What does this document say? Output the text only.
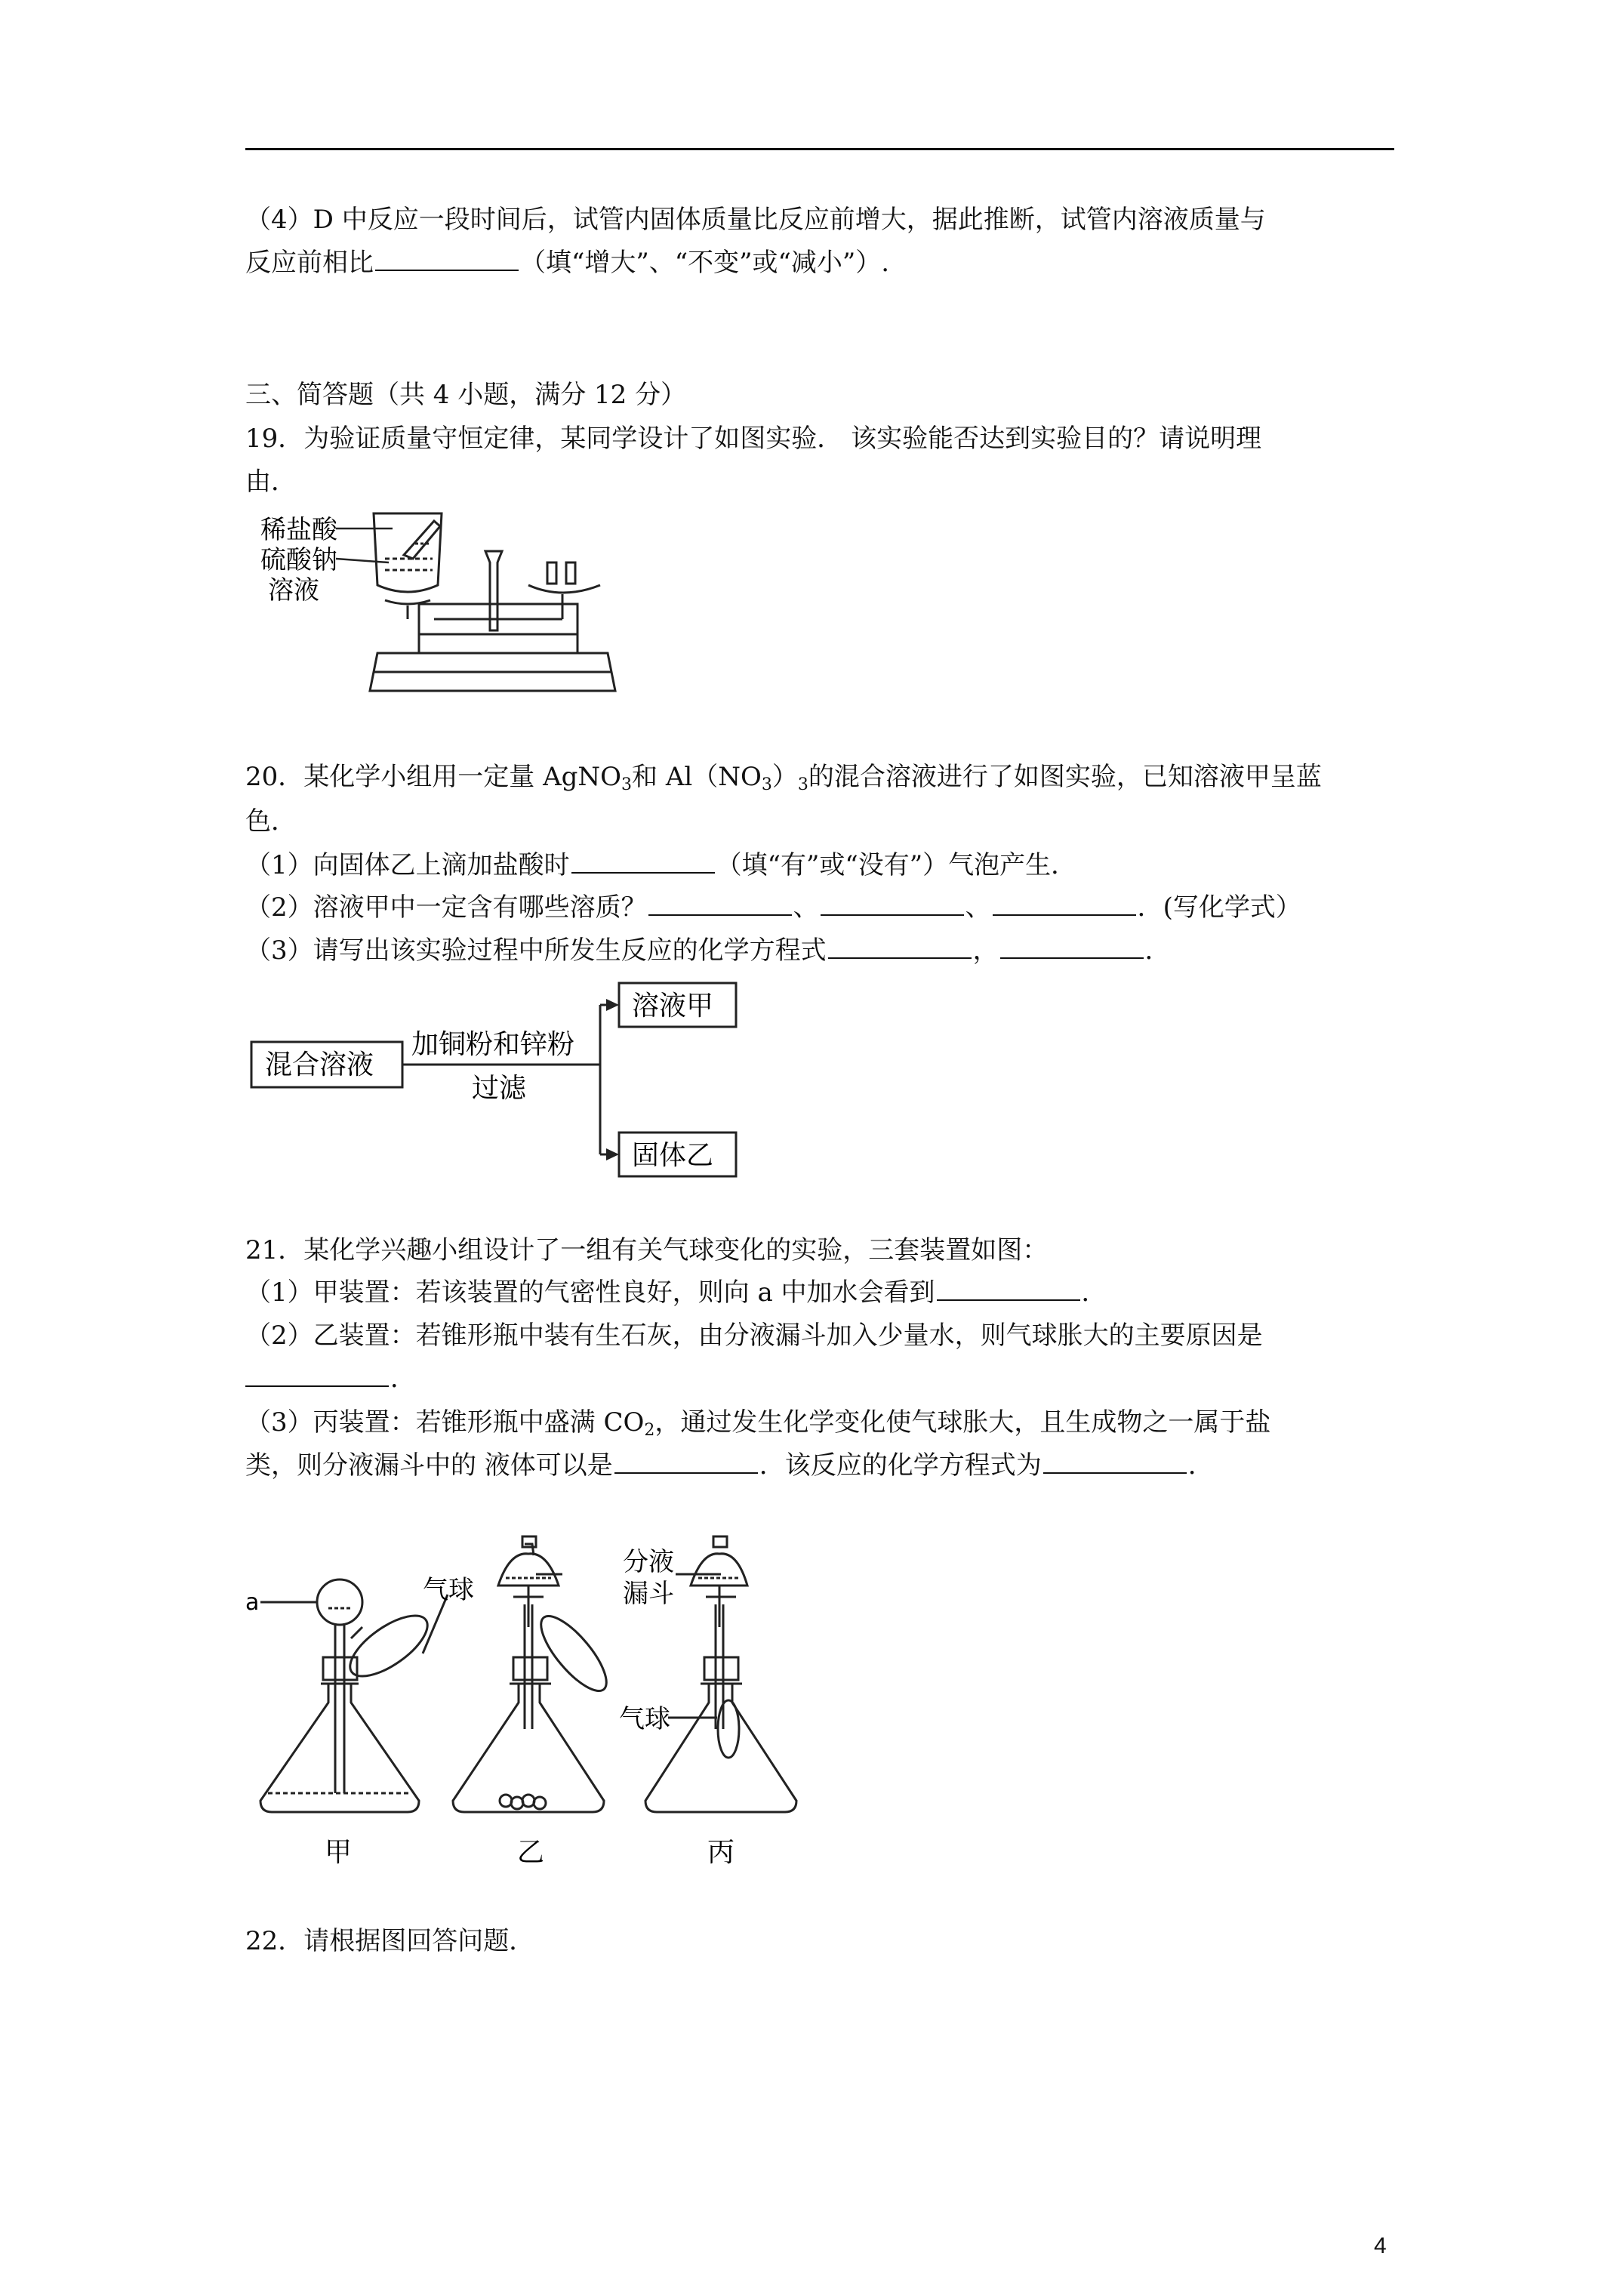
（4）D 中反应一段时间后，试管内固体质量比反应前增大，据此推断，试管内溶液质量与
反应前相比	（填“增大”、“不变”或“减小”）.
三、简答题（共 4 小题，满分 12 分）
19．为验证质量守恒定律，某同学设计了如图实验． 该实验能否达到实验目的？请说明理
由．
稀盐酸
硫酸钠
溶液
20．某化学小组用一定量 AgNO$_3$和 $Al(NO_3)_3$的混合溶液进行了如图实验，已知溶液甲呈蓝
色．
（1）向固体乙上滴加盐酸时	（填“有”或“没有”）气泡产生．
（2）溶液甲中一定含有哪些溶质？	、	、	．(写化学式）
（3）请写出该实验过程中所发生反应的化学方程式	，	．
混合溶液
加铜粉和锌粉
过滤
溶液甲
固体乙
21．某化学兴趣小组设计了一组有关气球变化的实验，三套装置如图：
（1）甲装置：若该装置的气密性良好，则向 a 中加水会看到	．
（2）乙装置：若锥形瓶中装有生石灰，由分液漏斗加入少量水，则气球胀大的主要原因是
．
（3）丙装置：若锥形瓶中盛满 $CO_2$，通过发生化学变化使气球胀大，且生成物之一属于盐
类，则分液漏斗中的 液体可以是	．该反应的化学方程式为	．
a	气球
分液
漏斗
气球
甲	乙	丙
22．请根据图回答问题．
4
